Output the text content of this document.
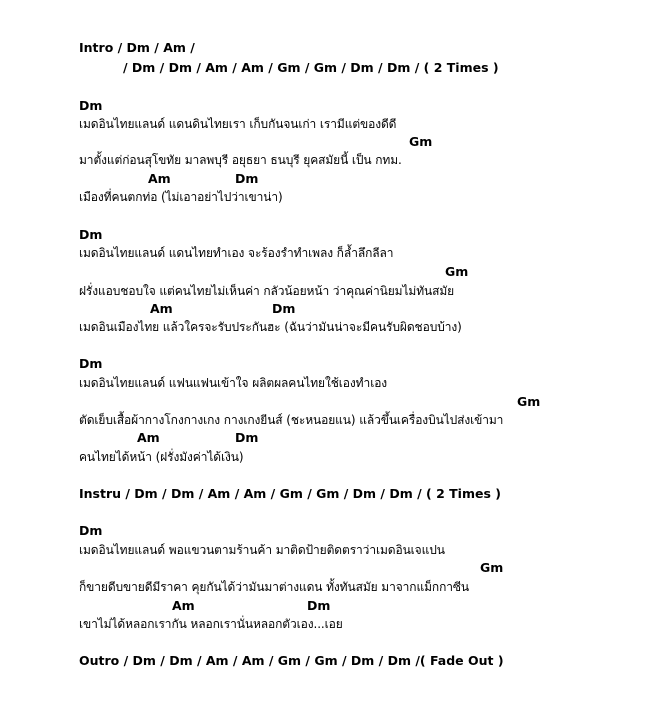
Intro / Dm / Am /
/ Dm / Dm / Am / Am / Gm / Gm / Dm / Dm / ( 2 Times )
Dm
เมดอินไทยแลนด์ แดนดินไทยเรา เก็บกันจนเก่า เรามีแต่ของดีดี
Gm
มาตั้งแต่ก่อนสุโขทัย มาลพบุรี อยุธยา ธนบุรี ยุคสมัยนี้ เป็น กทม.
Am	Dm
เมืองที่คนตกท่อ (ไม่เอาอย่าไปว่าเขาน่า)
Dm
เมดอินไทยแลนด์ แดนไทยทำเอง จะร้องรำทำเพลง ก็ล้ำลึกลีลา
Gm
ฝรั่งแอบชอบใจ แต่คนไทยไม่เห็นค่า กลัวน้อยหน้า ว่าคุณค่านิยมไม่ทันสมัย
Am	Dm
เมดอินเมืองไทย แล้วใครจะรับประกันฮะ (ฉันว่ามันน่าจะมีคนรับผิดชอบบ้าง)
Dm
เมดอินไทยแลนด์ แฟนแฟนเข้าใจ ผลิตผลคนไทยใช้เองทำเอง
Gm
ตัดเย็บเสื้อผ้ากางโกงกางเกง กางเกงยีนส์ (ชะหนอยแน) แล้วขึ้นเครื่องบินไปส่งเข้ามา
Am	Dm
คนไทยได้หน้า (ฝรั่งมังค่าได้เงิน)
Instru / Dm / Dm / Am / Am / Gm / Gm / Dm / Dm / ( 2 Times )
Dm
เมดอินไทยแลนด์ พอแขวนตามร้านค้า มาติดป้ายติดตราว่าเมดอินเจแปน
Gm
ก็ขายดีบขายดีมีราคา คุยกันได้ว่ามันมาต่างแดน ทั้งทันสมัย มาจากแม็กกาซีน
Am	Dm
เขาไม่ได้หลอกเรากัน หลอกเรานั่นหลอกตัวเอง...เอย
Outro / Dm / Dm / Am / Am / Gm / Gm / Dm / Dm /( Fade Out )
